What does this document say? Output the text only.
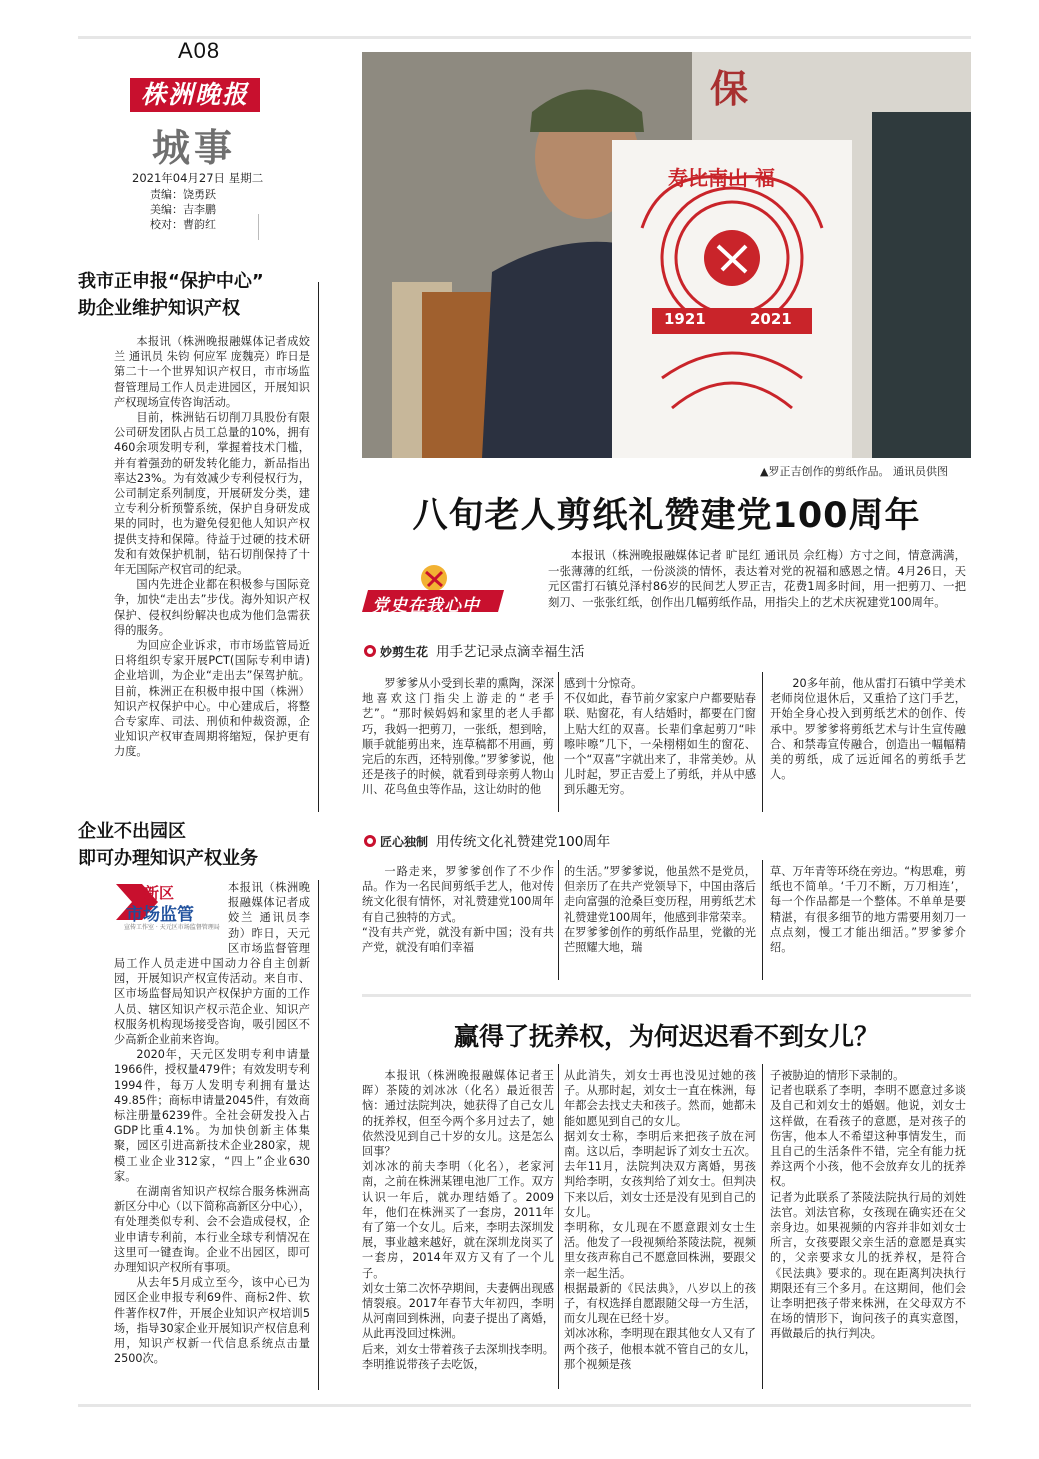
A08
株洲晚报
城事
2021年04月27日 星期二
责编：饶勇跃
美编：吉李鹏
校对：曹韵红
我市正申报“保护中心”
助企业维护知识产权

本报讯（株洲晚报融媒体记者成姣兰 通讯员 朱钧 何应军 庞魏亮）昨日是第二十一个世界知识产权日，市市场监督管理局工作人员走进园区，开展知识产权现场宣传咨询活动。

目前，株洲钻石切削刀具股份有限公司研发团队占员工总量的10%，拥有460余项发明专利，掌握着技术门槛，并有着强劲的研发转化能力，新品指出率达23%。为有效减少专利侵权行为，公司制定系列制度，开展研发分类，建立专利分析预警系统，保护自身研发成果的同时，也为避免侵犯他人知识产权提供支持和保障。待益于过硬的技术研发和有效保护机制，钻石切削保持了十年无国际产权官司的纪录。

国内先进企业都在积极参与国际竞争，加快“走出去”步伐。海外知识产权保护、侵权纠纷解决也成为他们急需获得的服务。

为回应企业诉求，市市场监管局近日将组织专家开展PCT(国际专利申请)企业培训，为企业“走出去”保驾护航。目前，株洲正在积极申报中国（株洲）知识产权保护中心。中心建成后，将整合专家库、司法、刑侦和仲裁资源，企业知识产权审查周期将缩短，保护更有力度。

企业不出园区
即可办理知识产权业务
新区
市场监管
宣传工作室 · 天元区市场监督管理局

本报讯（株洲晚报融媒体记者成姣兰 通讯员李劲）昨日，天元区市场监督管理局工作人员走进中国动力谷自主创新园，开展知识产权宣传活动。来自市、区市场监督局知识产权保护方面的工作人员、辖区知识产权示范企业、知识产权服务机构现场接受咨询，吸引园区不少高新企业前来咨询。

2020年，天元区发明专利申请量1966件，授权量479件；有效发明专利1994件，每万人发明专利拥有量达49.85件；商标申请量2045件，有效商标注册量6239件。全社会研发投入占GDP比重4.1%。为加快创新主体集聚，园区引进高新技术企业280家，规模工业企业312家，“四上”企业630家。

在湖南省知识产权综合服务株洲高新区分中心（以下简称高新区分中心），有处理类似专利、会不会造成侵权，企业申请专利前，本行业全球专利情况在这里可一键查询。企业不出园区，即可办理知识产权所有事项。

从去年5月成立至今，该中心已为园区企业申报专利69件、商标2件、软件著作权7件，开展企业知识产权培训5场，指导30家企业开展知识产权信息利用，知识产权新一代信息系统点击量2500次。

保
寿比南山 福
1921	2021
▲罗正吉创作的剪纸作品。 通讯员供图
八旬老人剪纸礼赞建党100周年
党史在我心中

本报讯（株洲晚报融媒体记者 旷昆红 通讯员 佘红梅）方寸之间，情意满满，一张薄薄的红纸，一份淡淡的情怀，表达着对党的祝福和感恩之情。4月26日，天元区雷打石镇兑泽村86岁的民间艺人罗正吉，花费1周多时间，用一把剪刀、一把刻刀、一张张红纸，创作出几幅剪纸作品，用指尖上的艺术庆祝建党100周年。

妙剪生花 用手艺记录点滴幸福生活

罗爹爹从小受到长辈的熏陶，深深地喜欢这门指尖上游走的“老手艺”。“那时候妈妈和家里的老人手都巧，我妈一把剪刀，一张纸，想到啥，顺手就能剪出来，连草稿都不用画，剪完后的东西，还特别像。”罗爹爹说，他还是孩子的时候，就看到母亲剪人物山川、花鸟鱼虫等作品，这让幼时的他

感到十分惊奇。
不仅如此，春节前夕家家户户都要贴春联、贴窗花，有人结婚时，都要在门窗上贴大红的双喜。长辈们拿起剪刀“咔嚓咔嚓”几下，一朵栩栩如生的窗花、一个“双喜”字就出来了，非常美妙。从儿时起，罗正吉爱上了剪纸，并从中感到乐趣无穷。

20多年前，他从雷打石镇中学美术老师岗位退休后，又重拾了这门手艺，开始全身心投入到剪纸艺术的创作、传承中。罗爹爹将剪纸艺术与计生宣传融合、和禁毒宣传融合，创造出一幅幅精美的剪纸，成了远近闻名的剪纸手艺人。

匠心独制 用传统文化礼赞建党100周年

一路走来，罗爹爹创作了不少作品。作为一名民间剪纸手艺人，他对传统文化很有情怀，对礼赞建党100周年有自己独特的方式。
“没有共产党，就没有新中国；没有共产党，就没有咱们幸福

的生活。”罗爹爹说，他虽然不是党员，但亲历了在共产党领导下，中国由落后走向富强的沧桑巨变历程，用剪纸艺术礼赞建党100周年，他感到非常荣幸。
在罗爹爹创作的剪纸作品里，党徽的光芒照耀大地，瑞

草、万年青等环绕在旁边。“构思难，剪纸也不简单。‘千刀不断，万刀相连’，每一个作品都是一个整体。不单单是要精湛，有很多细节的地方需要用刻刀一点点刻，慢工才能出细活。”罗爹爹介绍。

赢得了抚养权，为何迟迟看不到女儿？

本报讯（株洲晚报融媒体记者王晖）茶陵的刘冰冰（化名）最近很苦恼：通过法院判决，她获得了自己女儿的抚养权，但至今两个多月过去了，她依然没见到自己十岁的女儿。这是怎么回事？
刘冰冰的前夫李明（化名），老家河南，之前在株洲某锂电池厂工作。双方认识一年后，就办理结婚了。2009年，他们在株洲买了一套房，2011年有了第一个女儿。后来，李明去深圳发展，事业越来越好，就在深圳龙岗买了一套房，2014年双方又有了一个儿子。
刘女士第二次怀孕期间，夫妻俩出现感情裂痕。2017年春节大年初四，李明从河南回到株洲，向妻子提出了离婚，从此再没回过株洲。
后来，刘女士带着孩子去深圳找李明。李明推说带孩子去吃饭，

从此消失，刘女士再也没见过她的孩子。从那时起，刘女士一直在株洲，每年都会去找丈夫和孩子。然而，她都未能如愿见到自己的女儿。
据刘女士称，李明后来把孩子放在河南。这以后，李明起诉了刘女士五次。去年11月，法院判决双方离婚，男孩判给李明，女孩判给了刘女士。但判决下来以后，刘女士还是没有见到自己的女儿。
李明称，女儿现在不愿意跟刘女士生活。他发了一段视频给茶陵法院，视频里女孩声称自己不愿意回株洲，要跟父亲一起生活。
根据最新的《民法典》，八岁以上的孩子，有权选择自愿跟随父母一方生活，而女儿现在已经十岁。
刘冰冰称，李明现在跟其他女人又有了两个孩子，他根本就不管自己的女儿，那个视频是孩

子被胁迫的情形下录制的。
记者也联系了李明，李明不愿意过多谈及自己和刘女士的婚姻。他说，刘女士这样做，在看孩子的意愿，是对孩子的伤害，他本人不希望这种事情发生，而且自己的生活条件不错，完全有能力抚养这两个小孩，他不会放弃女儿的抚养权。
记者为此联系了茶陵法院执行局的刘姓法官。刘法官称，女孩现在确实还在父亲身边。如果视频的内容并非如刘女士所言，女孩要跟父亲生活的意愿是真实的，父亲要求女儿的抚养权，是符合《民法典》要求的。现在距离判决执行期限还有三个多月。在这期间，他们会让李明把孩子带来株洲，在父母双方不在场的情形下，询问孩子的真实意图，再做最后的执行判决。
